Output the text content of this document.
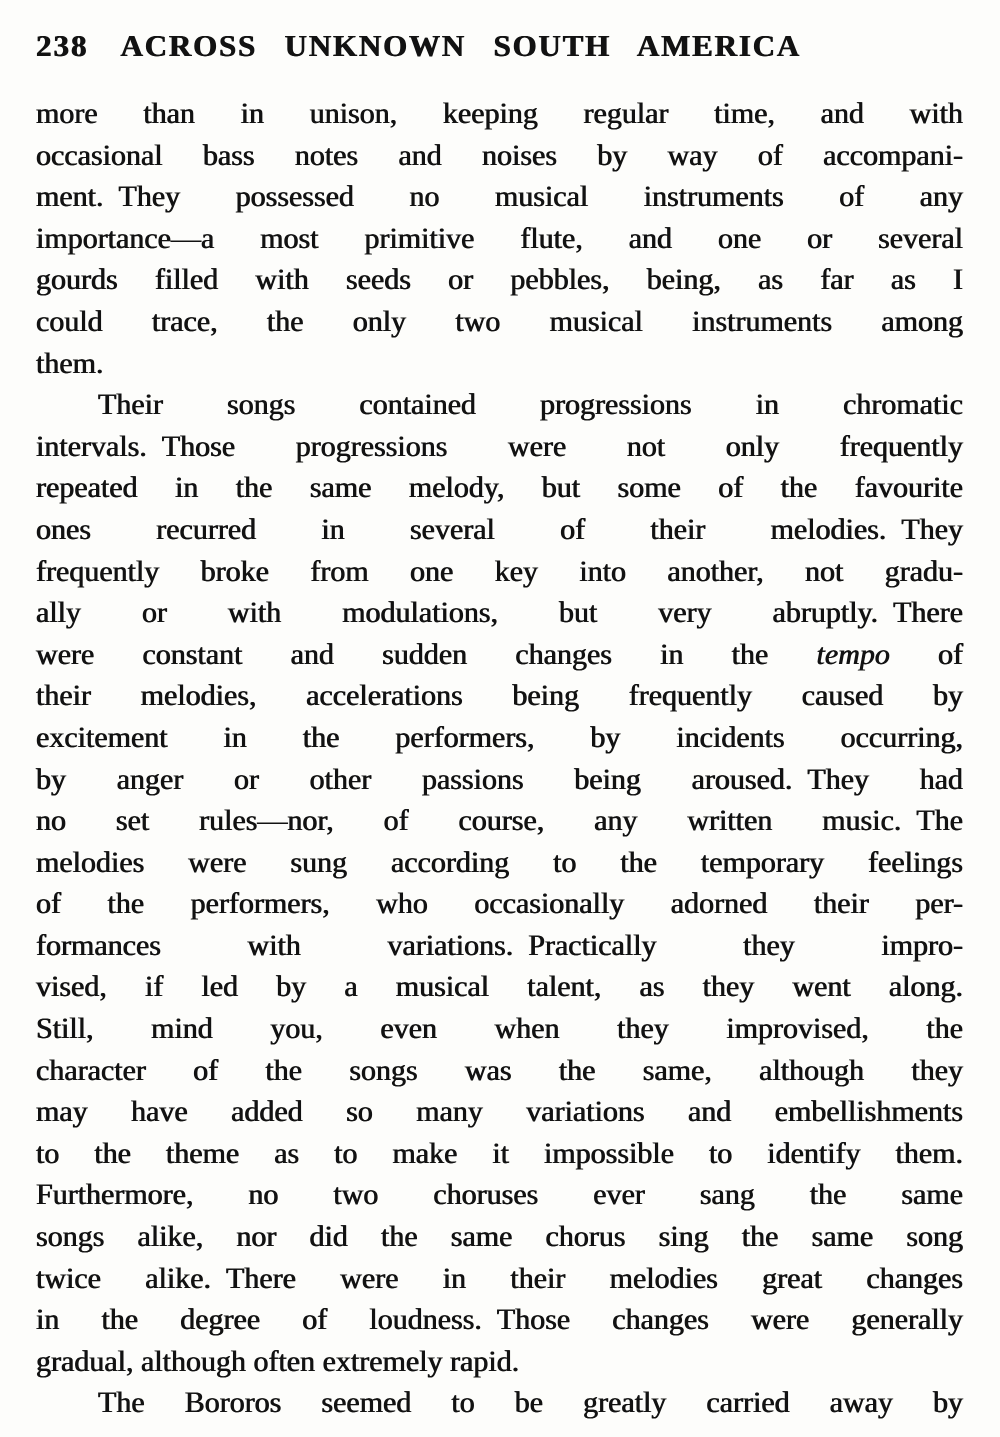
238 ACROSS UNKNOWN SOUTH AMERICA
more than in unison, keeping regular time, and with
occasional bass notes and noises by way of accompani-
ment. They possessed no musical instruments of any
importance—a most primitive flute, and one or several
gourds filled with seeds or pebbles, being, as far as I
could trace, the only two musical instruments among
them.
Their songs contained progressions in chromatic
intervals. Those progressions were not only frequently
repeated in the same melody, but some of the favourite
ones recurred in several of their melodies. They
frequently broke from one key into another, not gradu-
ally or with modulations, but very abruptly. There
were constant and sudden changes in the tempo of
their melodies, accelerations being frequently caused by
excitement in the performers, by incidents occurring,
by anger or other passions being aroused. They had
no set rules—nor, of course, any written music. The
melodies were sung according to the temporary feelings
of the performers, who occasionally adorned their per-
formances with variations. Practically they impro-
vised, if led by a musical talent, as they went along.
Still, mind you, even when they improvised, the
character of the songs was the same, although they
may have added so many variations and embellishments
to the theme as to make it impossible to identify them.
Furthermore, no two choruses ever sang the same
songs alike, nor did the same chorus sing the same song
twice alike. There were in their melodies great changes
in the degree of loudness. Those changes were generally
gradual, although often extremely rapid.
The Bororos seemed to be greatly carried away by
